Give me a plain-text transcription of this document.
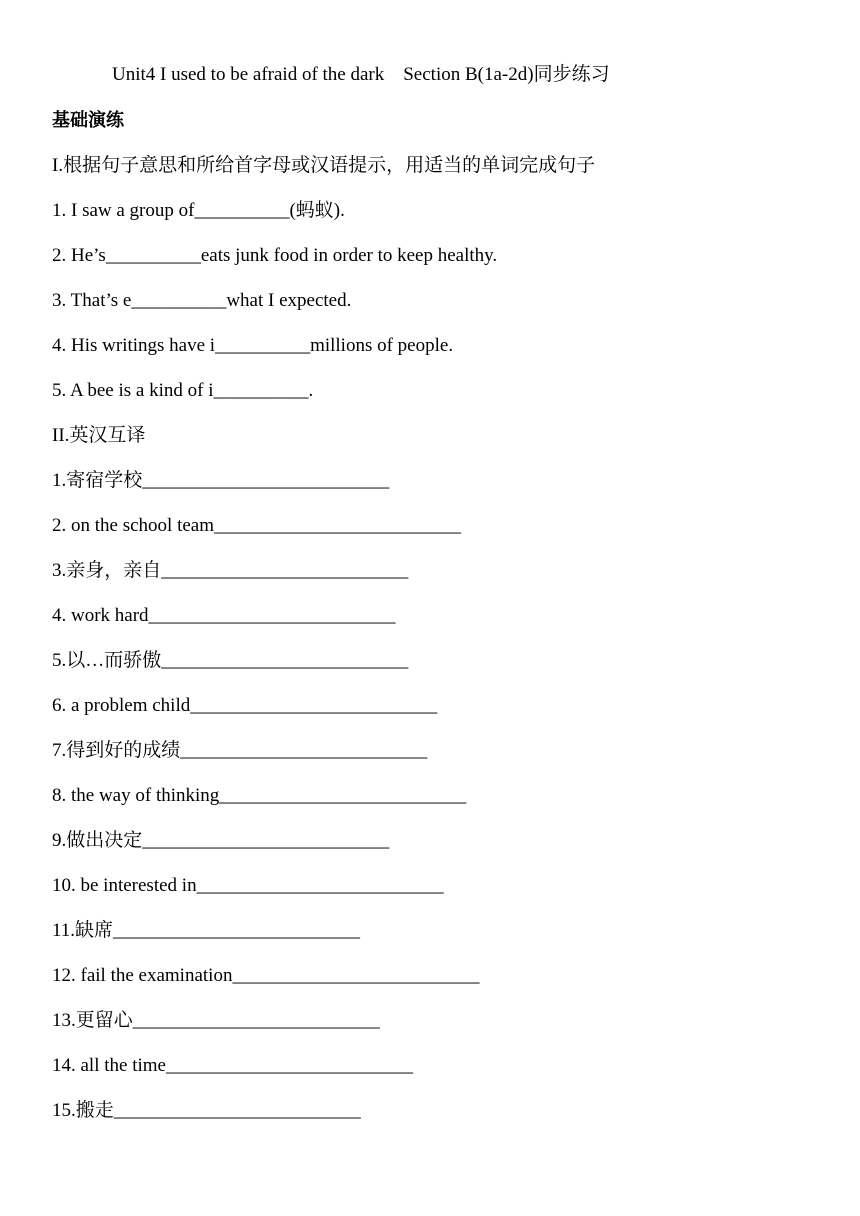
Unit4 I used to be afraid of the dark    Section B(1a-2d)同步练习
基础演练
I.根据句子意思和所给首字母或汉语提示，用适当的单词完成句子
1. I saw a group of__________(蚂蚁).
2. He’s__________eats junk food in order to keep healthy.
3. That’s e__________what I expected.
4. His writings have i__________millions of people.
5. A bee is a kind of i__________.
II.英汉互译
1.寄宿学校__________________________
2. on the school team__________________________
3.亲身，亲自__________________________
4. work hard__________________________
5.以…而骄傲__________________________
6. a problem child__________________________
7.得到好的成绩__________________________
8. the way of thinking__________________________
9.做出决定__________________________
10. be interested in__________________________
11.缺席__________________________
12. fail the examination__________________________
13.更留心__________________________
14. all the time__________________________
15.搬走__________________________
